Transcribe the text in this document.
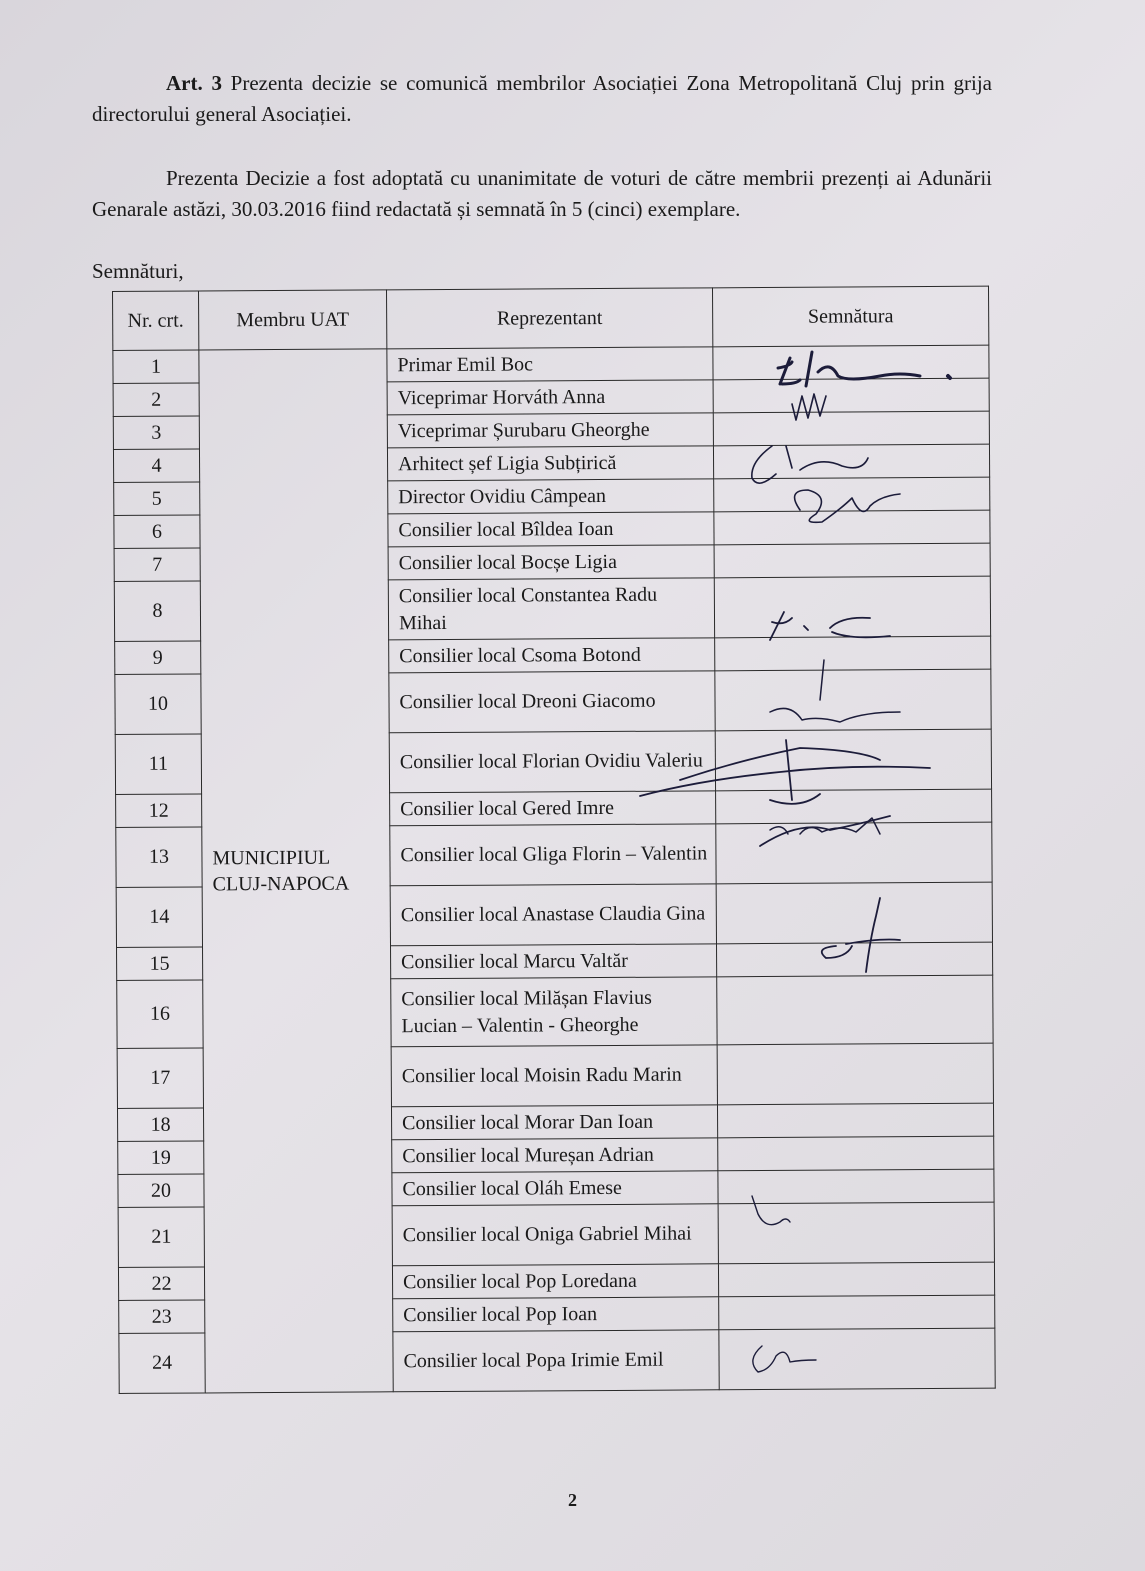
Art. 3 Prezenta decizie se comunică membrilor Asociației Zona Metropolitană Cluj prin grija directorului general Asociației.
Prezenta Decizie a fost adoptată cu unanimitate de voturi de către membrii prezenți ai Adunării Genarale astăzi, 30.03.2016 fiind redactată și semnată în 5 (cinci) exemplare.
Semnături,
Nr. crt.	Membru UAT	Reprezentant	Semnătura
1	MUNICIPIUL CLUJ-NAPOCA	Primar Emil Boc	
2		Viceprimar Horváth Anna	
3		Viceprimar Șurubaru Gheorghe	
4		Arhitect șef Ligia Subțirică	
5		Director Ovidiu Câmpean	
6		Consilier local Bîldea Ioan	
7		Consilier local Bocșe Ligia	
8		Consilier local Constantea Radu Mihai	
9		Consilier local Csoma Botond	
10		Consilier local Dreoni Giacomo	
11		Consilier local Florian Ovidiu Valeriu	
12		Consilier local Gered Imre	
13		Consilier local Gliga Florin – Valentin	
14		Consilier local Anastase Claudia Gina	
15		Consilier local Marcu Valtăr	
16		Consilier local Milășan Flavius Lucian – Valentin - Gheorghe	
17		Consilier local Moisin Radu Marin	
18		Consilier local Morar Dan Ioan	
19		Consilier local Mureșan Adrian	
20		Consilier local Oláh Emese	
21		Consilier local Oniga Gabriel Mihai	
22		Consilier local Pop Loredana	
23		Consilier local Pop Ioan	
24		Consilier local Popa Irimie Emil	
2
